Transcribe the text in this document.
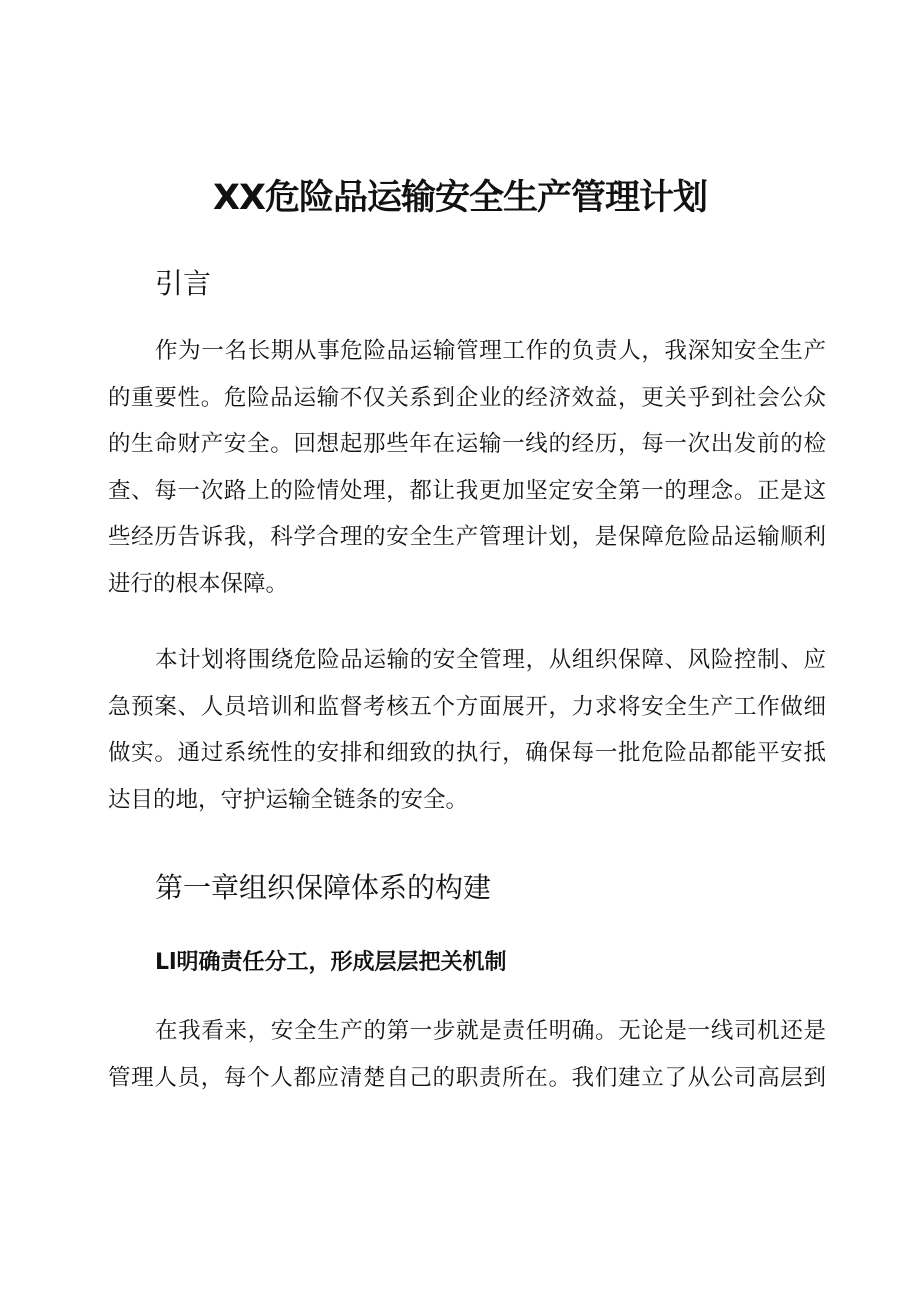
XX危险品运输安全生产管理计划
引言
作为一名长期从事危险品运输管理工作的负责人，我深知安全生产
的重要性。危险品运输不仅关系到企业的经济效益，更关乎到社会公众
的生命财产安全。回想起那些年在运输一线的经历，每一次出发前的检
查、每一次路上的险情处理，都让我更加坚定安全第一的理念。正是这
些经历告诉我，科学合理的安全生产管理计划，是保障危险品运输顺利
进行的根本保障。
本计划将围绕危险品运输的安全管理，从组织保障、风险控制、应
急预案、人员培训和监督考核五个方面展开，力求将安全生产工作做细
做实。通过系统性的安排和细致的执行，确保每一批危险品都能平安抵
达目的地，守护运输全链条的安全。
第一章组织保障体系的构建
Ll明确责任分工，形成层层把关机制
在我看来，安全生产的第一步就是责任明确。无论是一线司机还是
管理人员，每个人都应清楚自己的职责所在。我们建立了从公司高层到
